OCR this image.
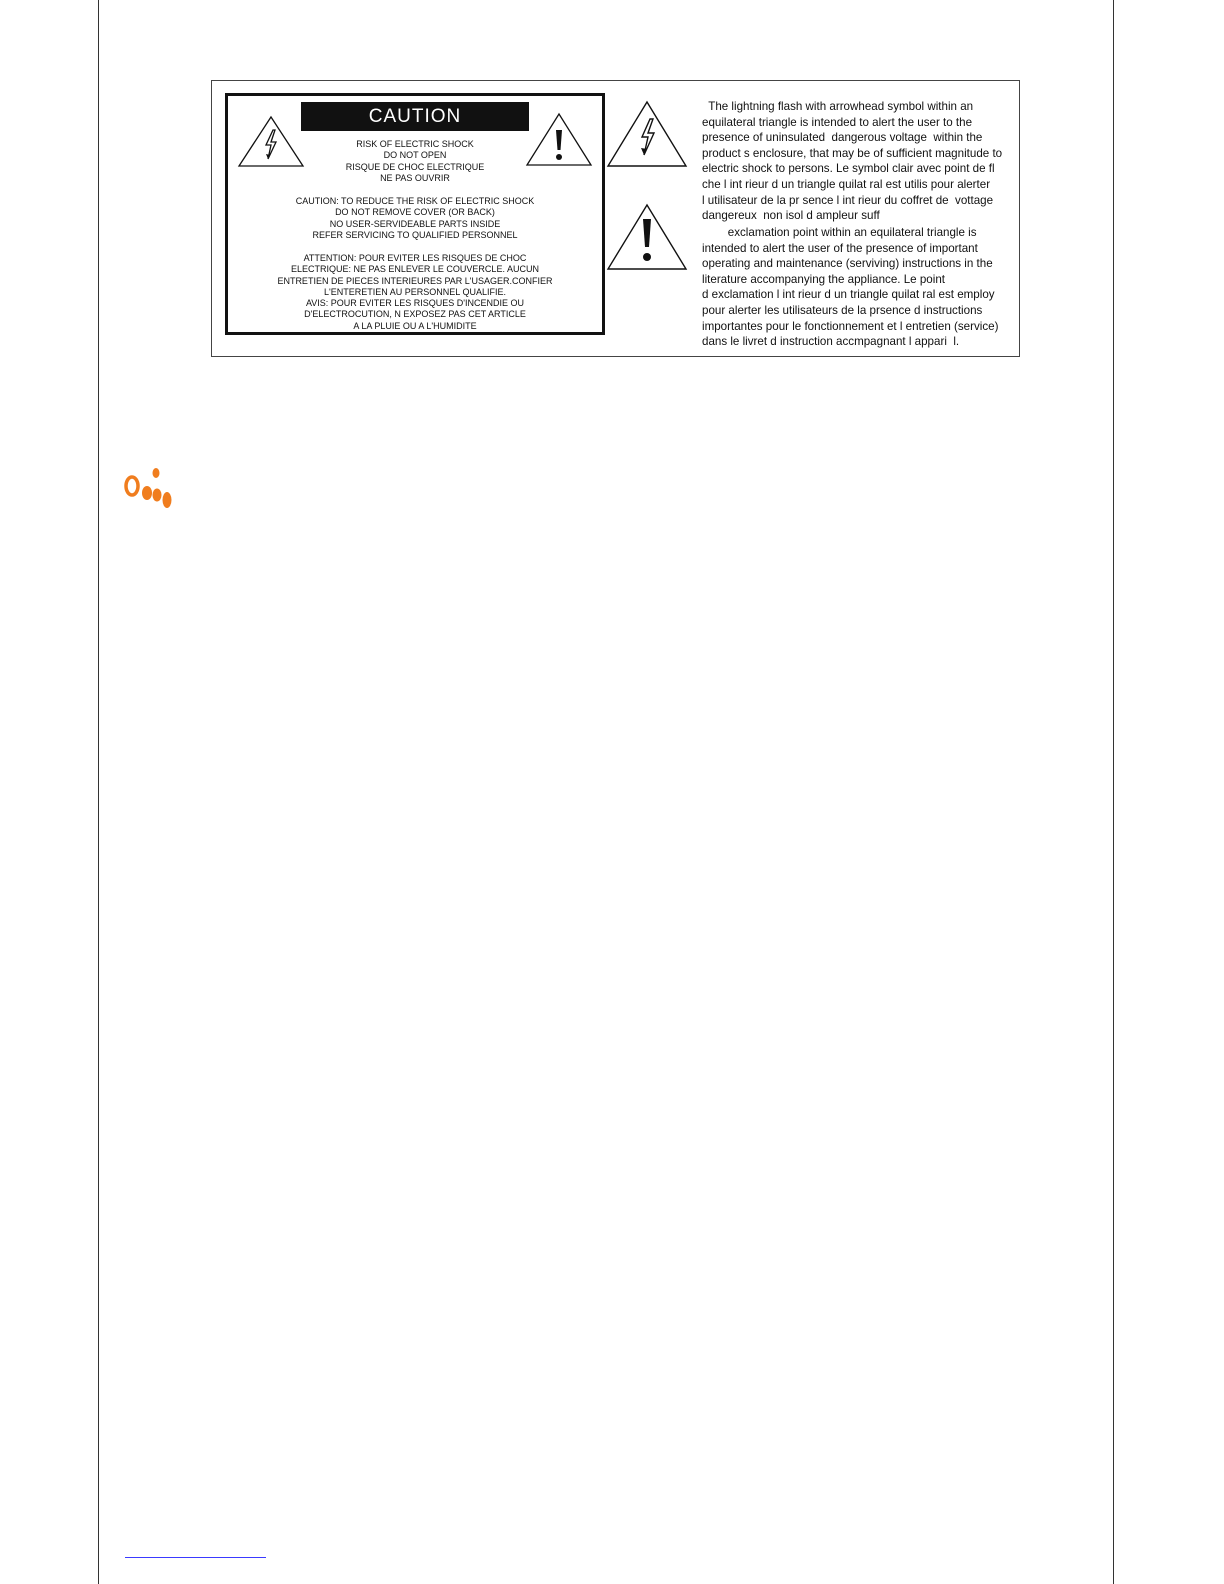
CAUTION
RISK OF ELECTRIC SHOCK
DO NOT OPEN
RISQUE DE CHOC ELECTRIQUE
NE PAS OUVRIR
CAUTION: TO REDUCE THE RISK OF ELECTRIC SHOCK
DO NOT REMOVE COVER (OR BACK)
NO USER-SERVIDEABLE PARTS INSIDE
REFER SERVICING TO QUALIFIED PERSONNEL
ATTENTION: POUR EVITER LES RISQUES DE CHOC
ELECTRIQUE: NE PAS ENLEVER LE COUVERCLE. AUCUN
ENTRETIEN DE PIECES INTERIEURES PAR L'USAGER.CONFIER
L'ENTERETIEN AU PERSONNEL QUALIFIE.
AVIS: POUR EVITER LES RISQUES D'INCENDIE OU
D'ELECTROCUTION, N EXPOSEZ PAS CET ARTICLE
A LA PLUIE OU A L'HUMIDITE
The lightning flash with arrowhead symbol within an
equilateral triangle is intended to alert the user to the
presence of uninsulated  dangerous voltage  within the
product s enclosure, that may be of sufficient magnitude to
electric shock to persons. Le symbol clair avec point de fl
che l int rieur d un triangle quilat ral est utilis pour alerter
l utilisateur de la pr sence l int rieur du coffret de  vottage
dangereux  non isol d ampleur suff
exclamation point within an equilateral triangle is
intended to alert the user of the presence of important
operating and maintenance (serviving) instructions in the
literature accompanying the appliance. Le point
d exclamation l int rieur d un triangle quilat ral est employ
pour alerter les utilisateurs de la prsence d instructions
importantes pour le fonctionnement et l entretien (service)
dans le livret d instruction accmpagnant l appari  l.
